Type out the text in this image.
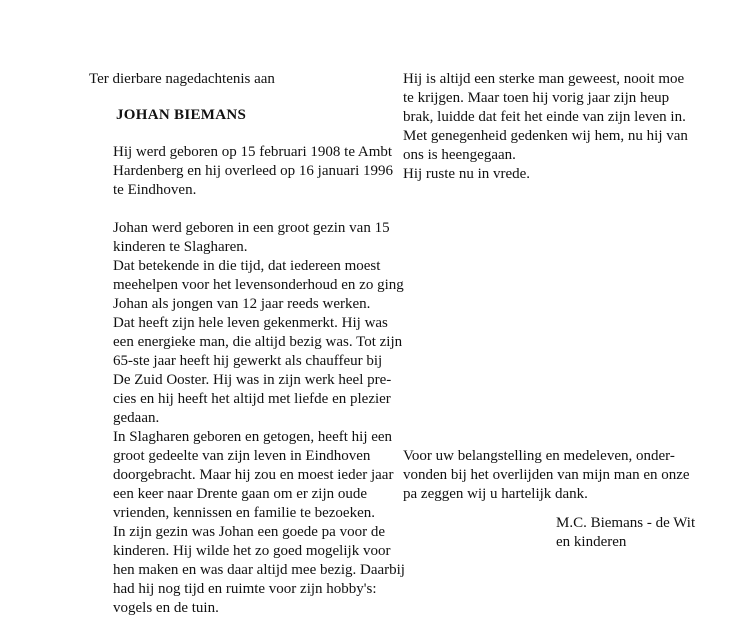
Ter dierbare nagedachtenis aan
JOHAN BIEMANS
Hij werd geboren op 15 februari 1908 te Ambt
Hardenberg en hij overleed op 16 januari 1996
te Eindhoven.
Johan werd geboren in een groot gezin van 15
kinderen te Slagharen.
Dat betekende in die tijd, dat iedereen moest
meehelpen voor het levensonderhoud en zo ging
Johan als jongen van 12 jaar reeds werken.
Dat heeft zijn hele leven gekenmerkt. Hij was
een energieke man, die altijd bezig was. Tot zijn
65-ste jaar heeft hij gewerkt als chauffeur bij
De Zuid Ooster. Hij was in zijn werk heel pre-
cies en hij heeft het altijd met liefde en plezier
gedaan.
In Slagharen geboren en getogen, heeft hij een
groot gedeelte van zijn leven in Eindhoven
doorgebracht. Maar hij zou en moest ieder jaar
een keer naar Drente gaan om er zijn oude
vrienden, kennissen en familie te bezoeken.
In zijn gezin was Johan een goede pa voor de
kinderen. Hij wilde het zo goed mogelijk voor
hen maken en was daar altijd mee bezig. Daarbij
had hij nog tijd en ruimte voor zijn hobby's:
vogels en de tuin.
Hij is altijd een sterke man geweest, nooit moe
te krijgen. Maar toen hij vorig jaar zijn heup
brak, luidde dat feit het einde van zijn leven in.
Met genegenheid gedenken wij hem, nu hij van
ons is heengegaan.
Hij ruste nu in vrede.
Voor uw belangstelling en medeleven, onder-
vonden bij het overlijden van mijn man en onze
pa zeggen wij u hartelijk dank.
M.C. Biemans - de Wit
en kinderen
